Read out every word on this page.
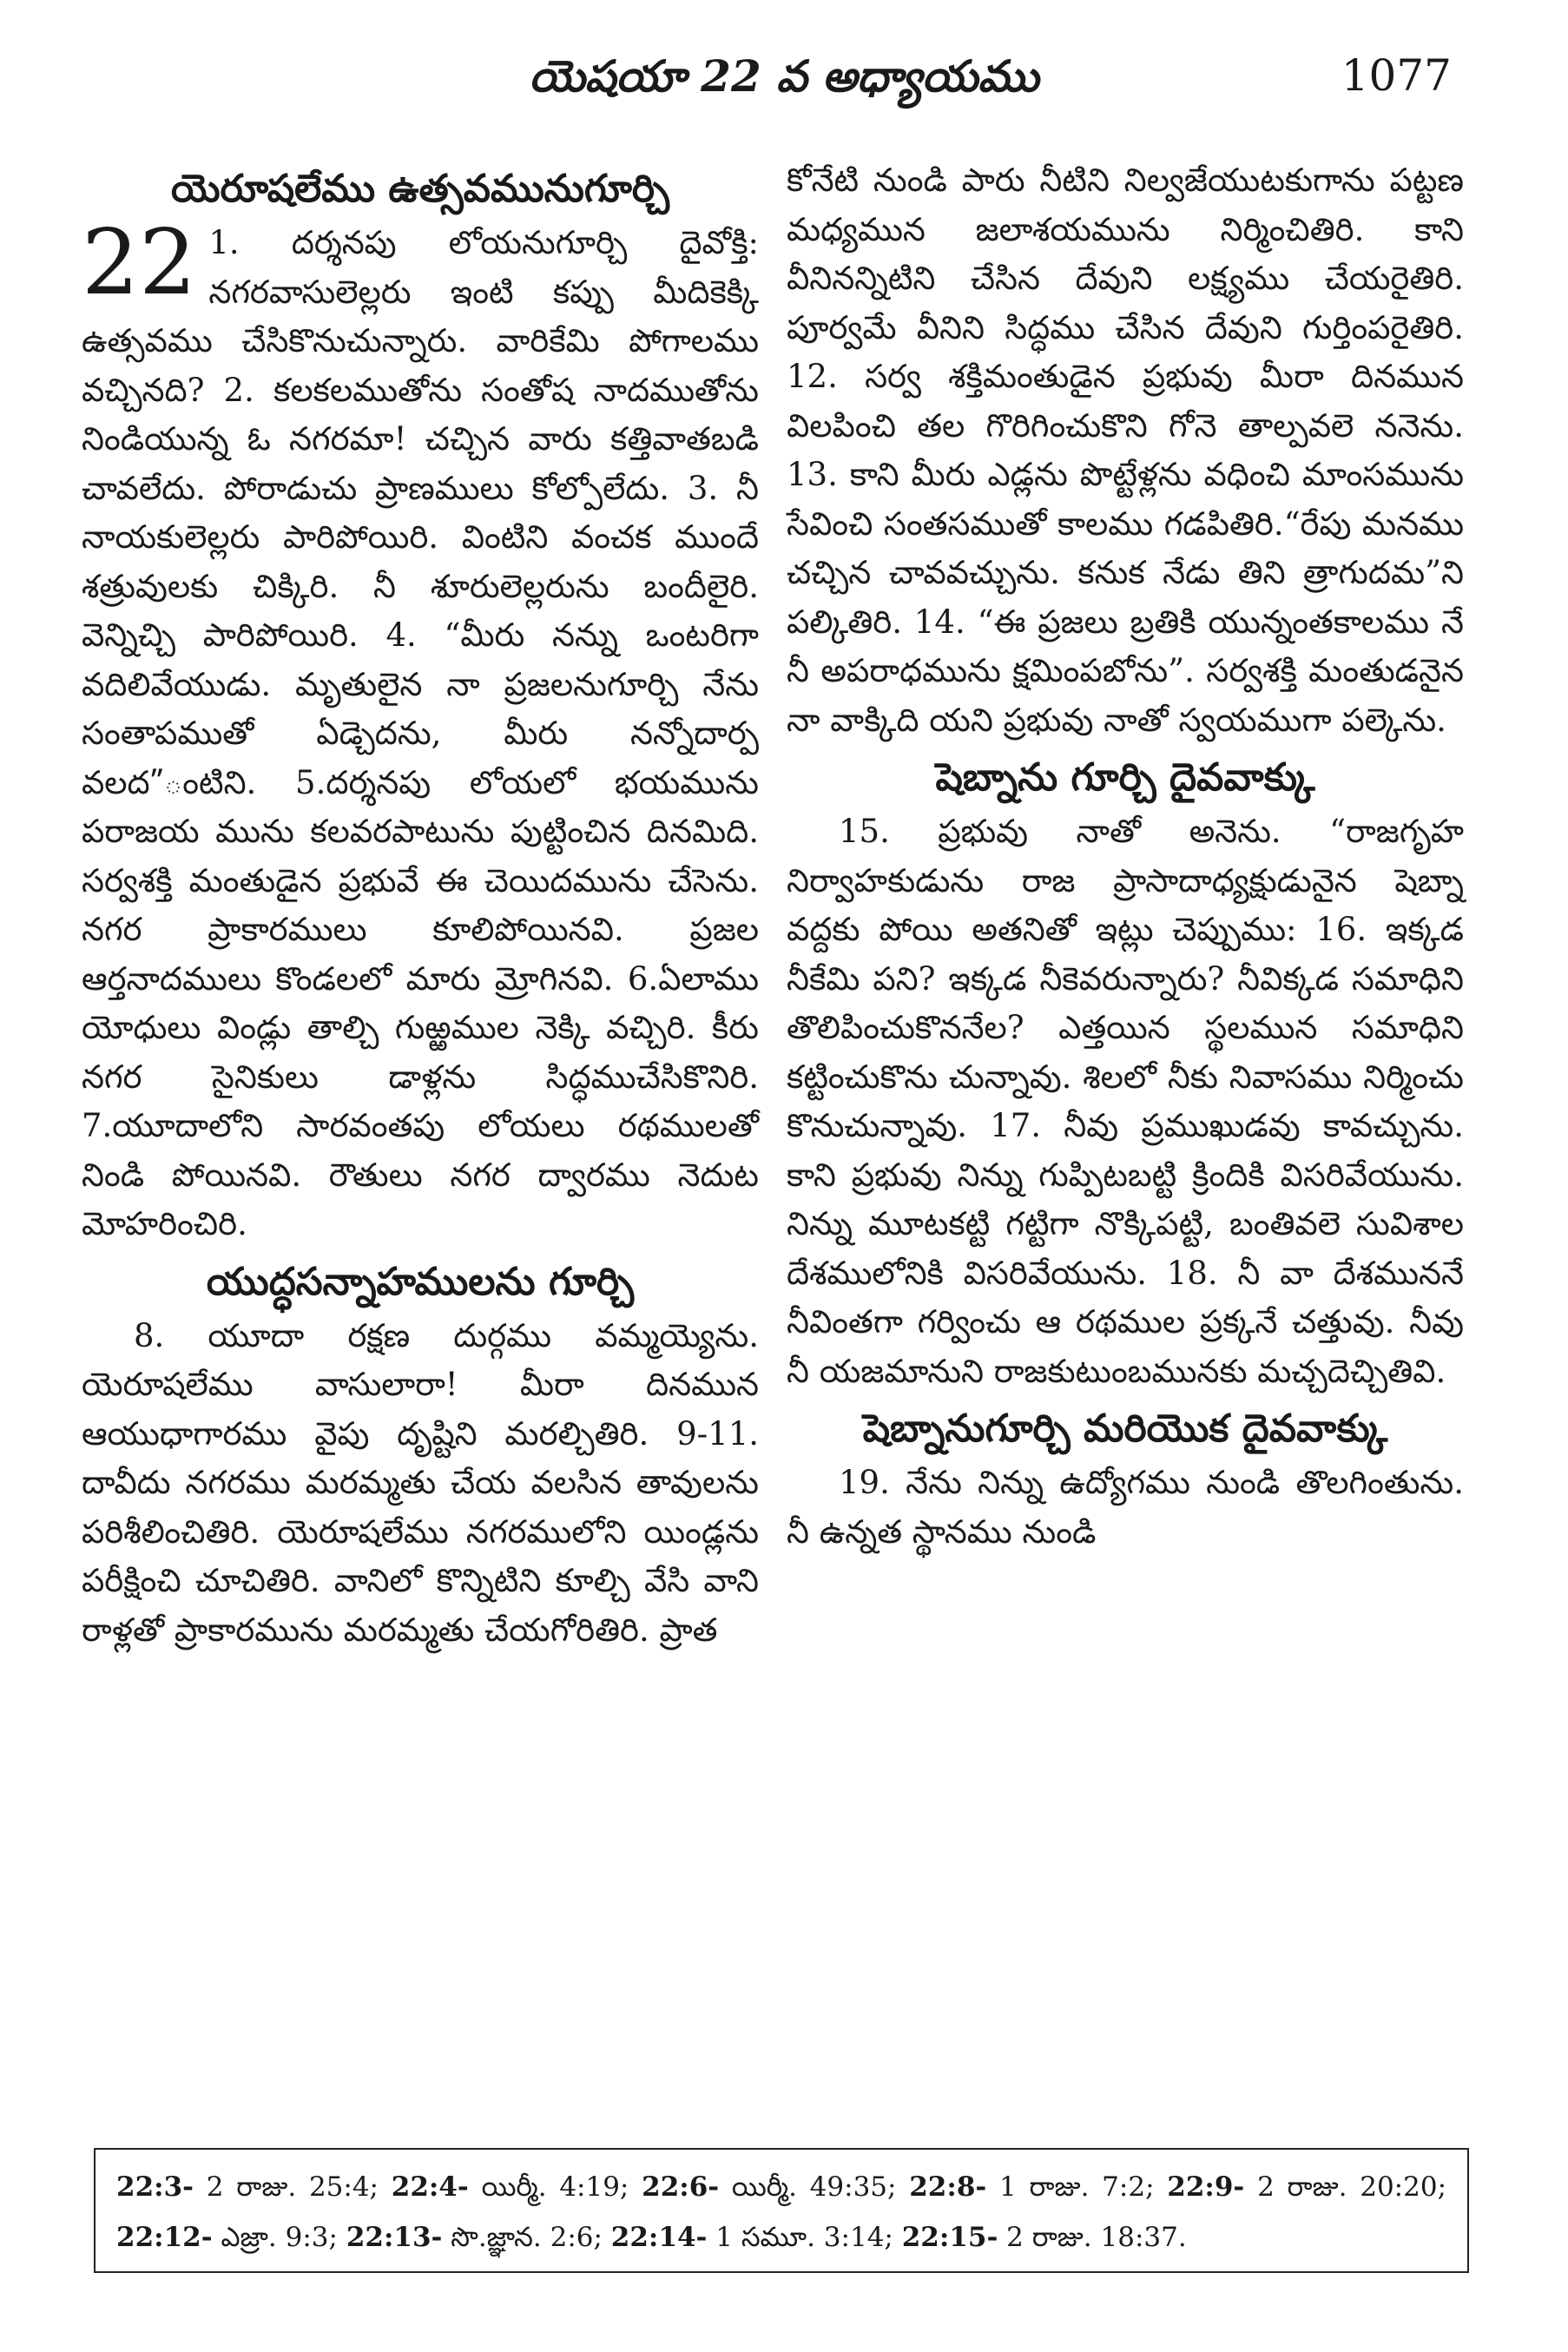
యెషయా 22 వ అధ్యాయము	1077
యెరూషలేము ఉత్సవమునుగూర్చి

22 1. దర్శనపు లోయనుగూర్చి దైవోక్తి: నగరవాసులెల్లరు ఇంటి కప్పు మీదికెక్కి ఉత్సవము చేసికొనుచున్నారు. వారికేమి పోగాలము వచ్చినది? 2. కలకలముతోను సంతోష నాదముతోను నిండియున్న ఓ నగరమా! చచ్చిన వారు కత్తివాతబడి చావలేదు. పోరాడుచు ప్రాణములు కోల్పోలేదు. 3. నీ నాయకులెల్లరు పారిపోయిరి. వింటిని వంచక ముందే శత్రువులకు చిక్కిరి. నీ శూరులెల్లరును బందీలైరి. వెన్నిచ్చి పారిపోయిరి. 4. “మీరు నన్ను ఒంటరిగా వదిలివేయుడు. మృతులైన నా ప్రజలనుగూర్చి నేను సంతాపముతో ఏడ్చెదను, మీరు నన్నోదార్ప వలద”ంటిని. 5.దర్శనపు లోయలో భయమును పరాజయ మును కలవరపాటును పుట్టించిన దినమిది. సర్వశక్తి మంతుడైన ప్రభువే ఈ చెయిదమును చేసెను. నగర ప్రాకారములు కూలిపోయినవి. ప్రజల ఆర్తనాదములు కొండలలో మారు మ్రోగినవి. 6.ఏలాము యోధులు విండ్లు తాల్చి గుఱ్ఱముల నెక్కి వచ్చిరి. కీరు నగర సైనికులు డాళ్లను సిద్ధముచేసికొనిరి. 7.యూదాలోని సారవంతపు లోయలు రథములతో నిండి పోయినవి. రౌతులు నగర ద్వారము నెదుట మోహరించిరి.

యుద్ధసన్నాహములను గూర్చి

8. యూదా రక్షణ దుర్గము వమ్మయ్యెను. యెరూషలేము వాసులారా! మీరా దినమున ఆయుధాగారము వైపు దృష్టిని మరల్చితిరి. 9-11. దావీదు నగరము మరమ్మతు చేయ వలసిన తావులను పరిశీలించితిరి. యెరూషలేము నగరములోని యిండ్లను పరీక్షించి చూచితిరి. వానిలో కొన్నిటిని కూల్చి వేసి వాని రాళ్లతో ప్రాకారమును మరమ్మతు చేయగోరితిరి. ప్రాత

కోనేటి నుండి పారు నీటిని నిల్వజేయుటకుగాను పట్టణ మధ్యమున జలాశయమును నిర్మించితిరి. కాని వీనినన్నిటిని చేసిన దేవుని లక్ష్యము చేయరైతిరి. పూర్వమే వీనిని సిద్ధము చేసిన దేవుని గుర్తింపరైతిరి. 12. సర్వ శక్తిమంతుడైన ప్రభువు మీరా దినమున విలపించి తల గొరిగించుకొని గోనె తాల్పవలె ననెను. 13. కాని మీరు ఎడ్లను పొట్టేళ్లను వధించి మాంసమును సేవించి సంతసముతో కాలము గడపితిరి.“రేపు మనము చచ్చిన చావవచ్చును. కనుక నేడు తిని త్రాగుదమ”ని పల్కితిరి. 14. “ఈ ప్రజలు బ్రతికి యున్నంతకాలము నే నీ అపరాధమును క్షమింపబోను”. సర్వశక్తి మంతుడనైన నా వాక్కిది యని ప్రభువు నాతో స్వయముగా పల్కెను.

షెబ్నాను గూర్చి దైవవాక్కు

15. ప్రభువు నాతో అనెను. “రాజగృహ నిర్వాహకుడును రాజ ప్రాసాదాధ్యక్షుడునైన షెబ్నా వద్దకు పోయి అతనితో ఇట్లు చెప్పుము: 16. ఇక్కడ నీకేమి పని? ఇక్కడ నీకెవరున్నారు? నీవిక్కడ సమాధిని తొలిపించుకొననేల? ఎత్తయిన స్థలమున సమాధిని కట్టించుకొను చున్నావు. శిలలో నీకు నివాసము నిర్మించు కొనుచున్నావు. 17. నీవు ప్రముఖుడవు కావచ్చును. కాని ప్రభువు నిన్ను గుప్పిటబట్టి క్రిందికి విసరివేయును. నిన్ను మూటకట్టి గట్టిగా నొక్కిపట్టి, బంతివలె సువిశాల దేశములోనికి విసరివేయును. 18. నీ వా దేశముననే నీవింతగా గర్వించు ఆ రథముల ప్రక్కనే చత్తువు. నీవు నీ యజమానుని రాజకుటుంబమునకు మచ్చదెచ్చితివి.

షెబ్నానుగూర్చి మరియొక దైవవాక్కు

19. నేను నిన్ను ఉద్యోగము నుండి తొలగింతును. నీ ఉన్నత స్థానము నుండి

22:3- 2 రాజు. 25:4; 22:4- యిర్మీ. 4:19; 22:6- యిర్మీ. 49:35; 22:8- 1 రాజు. 7:2; 22:9- 2 రాజు. 20:20; 22:12- ఎజ్రా. 9:3; 22:13- సొ.జ్ఞాన. 2:6; 22:14- 1 సమూ. 3:14; 22:15- 2 రాజు. 18:37.
